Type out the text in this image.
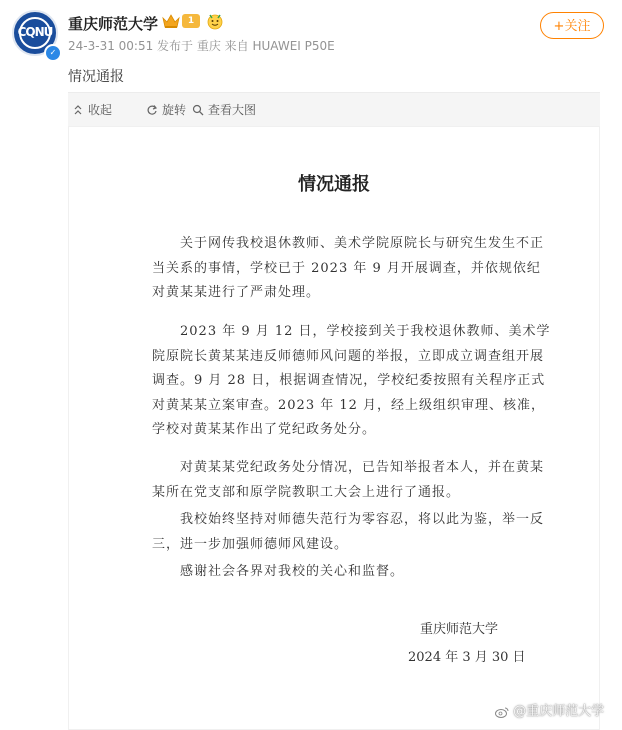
CQNU
✓
重庆师范大学	1
24-3-31 00:51 发布于 重庆 来自 HUAWEI P50E
+关注
情况通报
收起	旋转 查看大图
情况通报
关于网传我校退休教师、美术学院原院长与研究生发生不正当关系的事情，学校已于 2023 年 9 月开展调查，并依规依纪对黄某某进行了严肃处理。
2023 年 9 月 12 日，学校接到关于我校退休教师、美术学院原院长黄某某违反师德师风问题的举报，立即成立调查组开展调查。9 月 28 日，根据调查情况，学校纪委按照有关程序正式对黄某某立案审查。2023 年 12 月，经上级组织审理、核准，学校对黄某某作出了党纪政务处分。
对黄某某党纪政务处分情况，已告知举报者本人，并在黄某某所在党支部和原学院教职工大会上进行了通报。
我校始终坚持对师德失范行为零容忍，将以此为鉴，举一反三，进一步加强师德师风建设。
感谢社会各界对我校的关心和监督。
重庆师范大学
2024 年 3 月 30 日
@重庆师范大学
